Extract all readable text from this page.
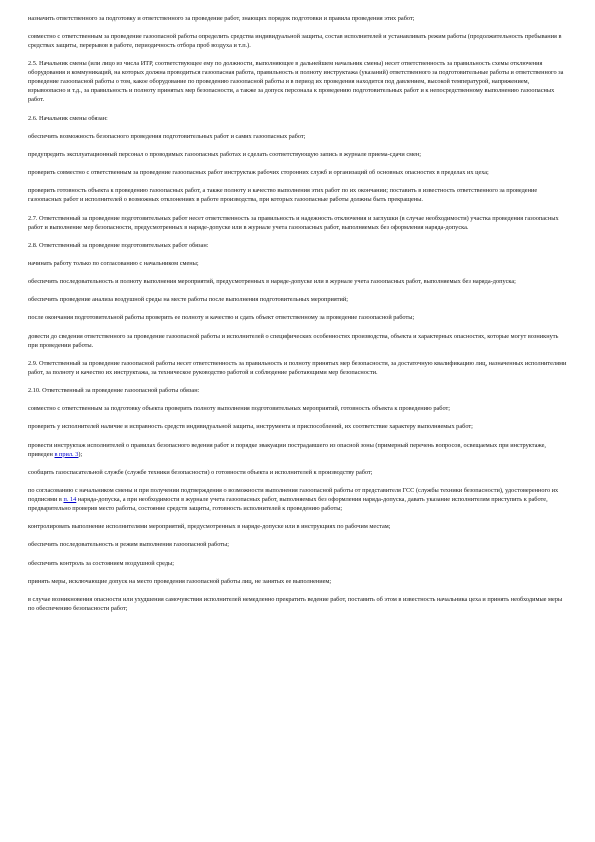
назначить ответственного за подготовку и ответственного за проведение работ, знающих порядок подготовки и правила проведения этих работ;

совместно с ответственным за проведение газоопасной работы определить средства индивидуальной защиты, состав исполнителей и устанавливать режим работы (продолжительность пребывания в средствах защиты, перерывов в работе, периодичность отбора проб воздуха и т.п.).

2.5. Начальник смены (или лицо из числа ИТР, соответствующее ему по должности, выполняющее в дальнейшем начальник смены) несет ответственность за правильность схемы отключения оборудования и коммуникаций, на которых должна проводиться газоопасная работа, правильность и полноту инструктажа (указаний) ответственного за подготовительные работы и ответственного за проведение газоопасной работы о том, какое оборудование по проведению газоопасной работы и в период их проведения находится под давлением, высокой температурой, напряжением, взрывоопасно и т.д., за правильность и полноту принятых мер безопасности, а также за допуск персонала к проведению подготовительных работ и к непосредственному выполнению газоопасных работ.

2.6. Начальник смены обязан:

обеспечить возможность безопасного проведения подготовительных работ и самих газоопасных работ;

предупредить эксплуатационный персонал о проводимых газоопасных работах и сделать соответствующую запись в журнале приема-сдачи смен;

проверить совместно с ответственным за проведение газоопасных работ инструктаж рабочих сторонних служб и организаций об основных опасностях в пределах их цеха;

проверить готовность объекта к проведению газоопасных работ, а также полноту и качество выполнения этих работ по их окончании; поставить в известность ответственного за проведение газоопасных работ и исполнителей о возможных отклонениях в работе производства, при которых газоопасные работы должны быть прекращены.

2.7. Ответственный за проведение подготовительных работ несет ответственность за правильность и надежность отключения и заглушки (в случае необходимости) участка проведения газоопасных работ и выполнение мер безопасности, предусмотренных в наряде-допуске или в журнале учета газоопасных работ, выполняемых без оформления наряда-допуска.

2.8. Ответственный за проведение подготовительных работ обязан:

начинать работу только по согласованию с начальником смены;

обеспечить последовательность и полноту выполнения мероприятий, предусмотренных в наряде-допуске или в журнале учета газоопасных работ, выполняемых без наряда-допуска;

обеспечить проведение анализа воздушной среды на месте работы после выполнения подготовительных мероприятий;

после окончания подготовительной работы проверить ее полноту и качество и сдать объект ответственному за проведение газоопасной работы;

довести до сведения ответственного за проведение газоопасной работы и исполнителей о специфических особенностях производства, объекта и характерных опасностях, которые могут возникнуть при проведении работы.

2.9. Ответственный за проведение газоопасной работы несет ответственность за правильность и полноту принятых мер безопасности, за достаточную квалификацию лиц, назначенных исполнителями работ, за полноту и качество их инструктажа, за техническое руководство работой и соблюдение работающими мер безопасности.

2.10. Ответственный за проведение газоопасной работы обязан:

совместно с ответственным за подготовку объекта проверить полноту выполнения подготовительных мероприятий, готовность объекта к проведению работ;

проверить у исполнителей наличие и исправность средств индивидуальной защиты, инструмента и приспособлений, их соответствие характеру выполняемых работ;

провести инструктаж исполнителей о правилах безопасного ведения работ и порядке эвакуации пострадавшего из опасной зоны (примерный перечень вопросов, освещаемых при инструктаже, приведен в прил. 3);

сообщить газоспасательной службе (службе техники безопасности) о готовности объекта и исполнителей к производству работ;

по согласованию с начальником смены и при получении подтверждения о возможности выполнения газоопасной работы от представителя ГСС (службы техники безопасности), удостоверенного их подписями в п. 14 наряда-допуска, а при необходимости в журнале учета газоопасных работ, выполняемых без оформления наряда-допуска, давать указание исполнителям приступить к работе, предварительно проверив место работы, состояние средств защиты, готовность исполнителей к проведению работы;

контролировать выполнение исполнителями мероприятий, предусмотренных в наряде-допуске или в инструкциях по рабочим местам;

обеспечить последовательность и режим выполнения газоопасной работы;

обеспечить контроль за состоянием воздушной среды;

принять меры, исключающие допуск на место проведения газоопасной работы лиц, не занятых ее выполнением;

в случае возникновения опасности или ухудшения самочувствия исполнителей немедленно прекратить ведение работ, поставить об этом в известность начальника цеха и принять необходимые меры по обеспечению безопасности работ;
